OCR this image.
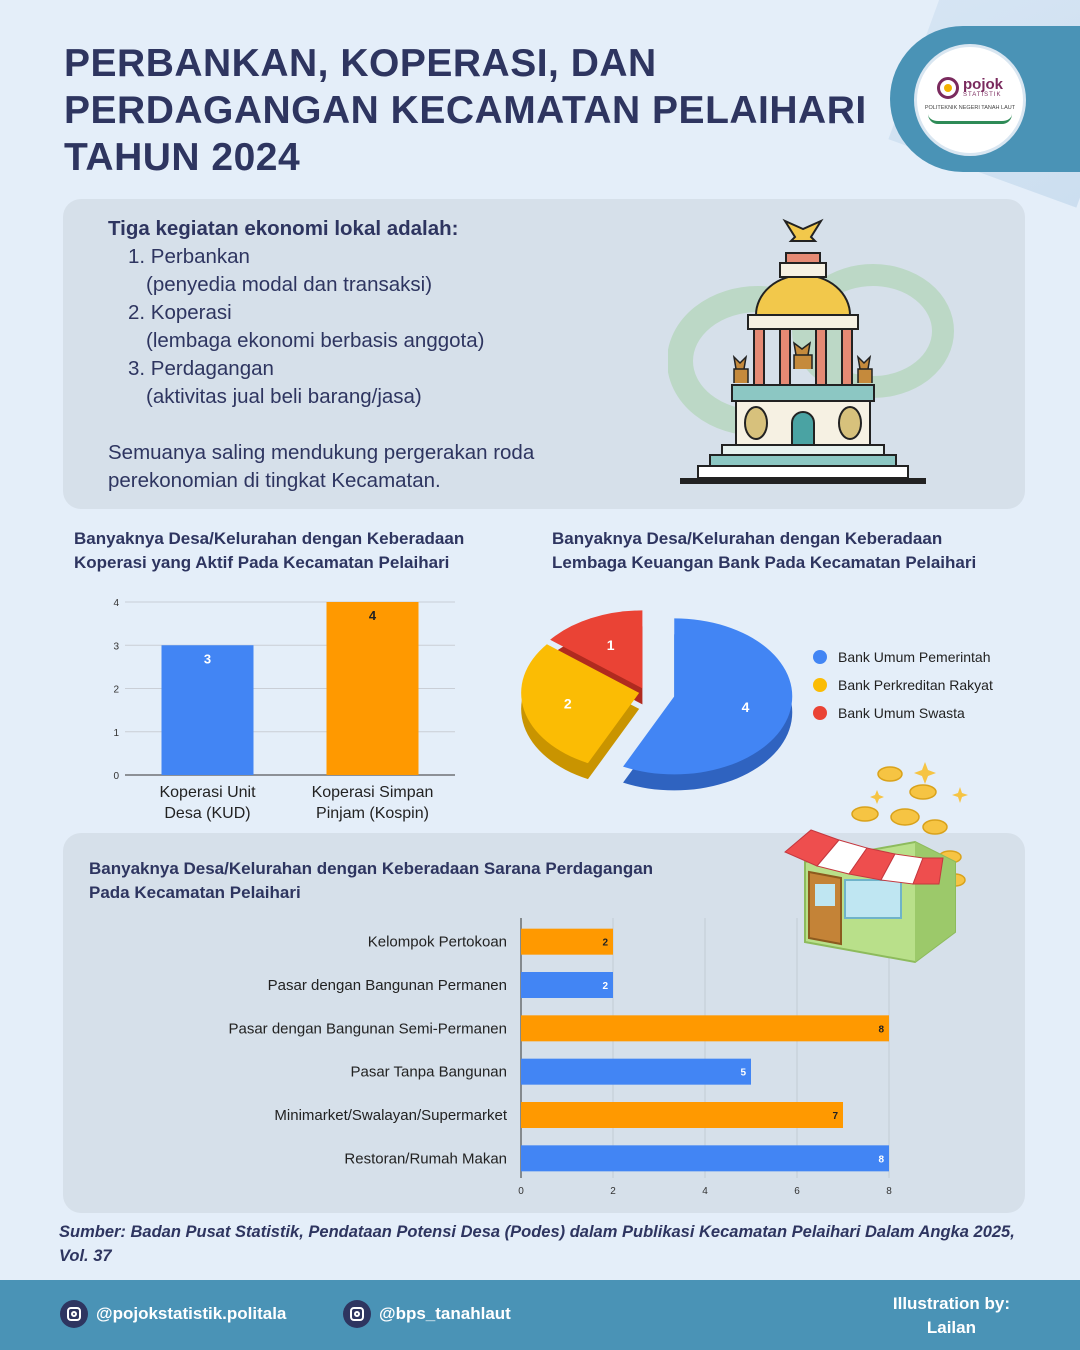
pojok
STATISTIK
POLITEKNIK NEGERI TANAH LAUT
PERBANKAN, KOPERASI, DAN PERDAGANGAN KECAMATAN PELAIHARI TAHUN 2024
Tiga kegiatan ekonomi lokal adalah:
1. Perbankan
(penyedia modal dan transaksi)
2. Koperasi
(lembaga ekonomi berbasis anggota)
3. Perdagangan
(aktivitas jual beli barang/jasa)
Semuanya saling mendukung pergerakan roda perekonomian di tingkat Kecamatan.
Banyaknya Desa/Kelurahan dengan Keberadaan Koperasi yang Aktif Pada Kecamatan Pelaihari
0
1
2
3
4
3
Koperasi Unit
Desa (KUD)
4
Koperasi Simpan
Pinjam (Kospin)
Banyaknya Desa/Kelurahan dengan Keberadaan Lembaga Keuangan Bank Pada Kecamatan Pelaihari
4
2
1
Bank Umum Pemerintah
Bank Perkreditan Rakyat
Bank Umum Swasta
Banyaknya Desa/Kelurahan dengan Keberadaan Sarana Perdagangan Pada Kecamatan Pelaihari
0	2	4	6	8
2
Kelompok Pertokoan
2
Pasar dengan Bangunan Permanen
8
Pasar dengan Bangunan Semi-Permanen
5
Pasar Tanpa Bangunan
7
Minimarket/Swalayan/Supermarket
8
Restoran/Rumah Makan
Sumber: Badan Pusat Statistik, Pendataan Potensi Desa (Podes) dalam Publikasi Kecamatan Pelaihari Dalam Angka 2025, Vol. 37
@pojokstatistik.politala	@bps_tanahlaut
Illustration by:
Lailan
